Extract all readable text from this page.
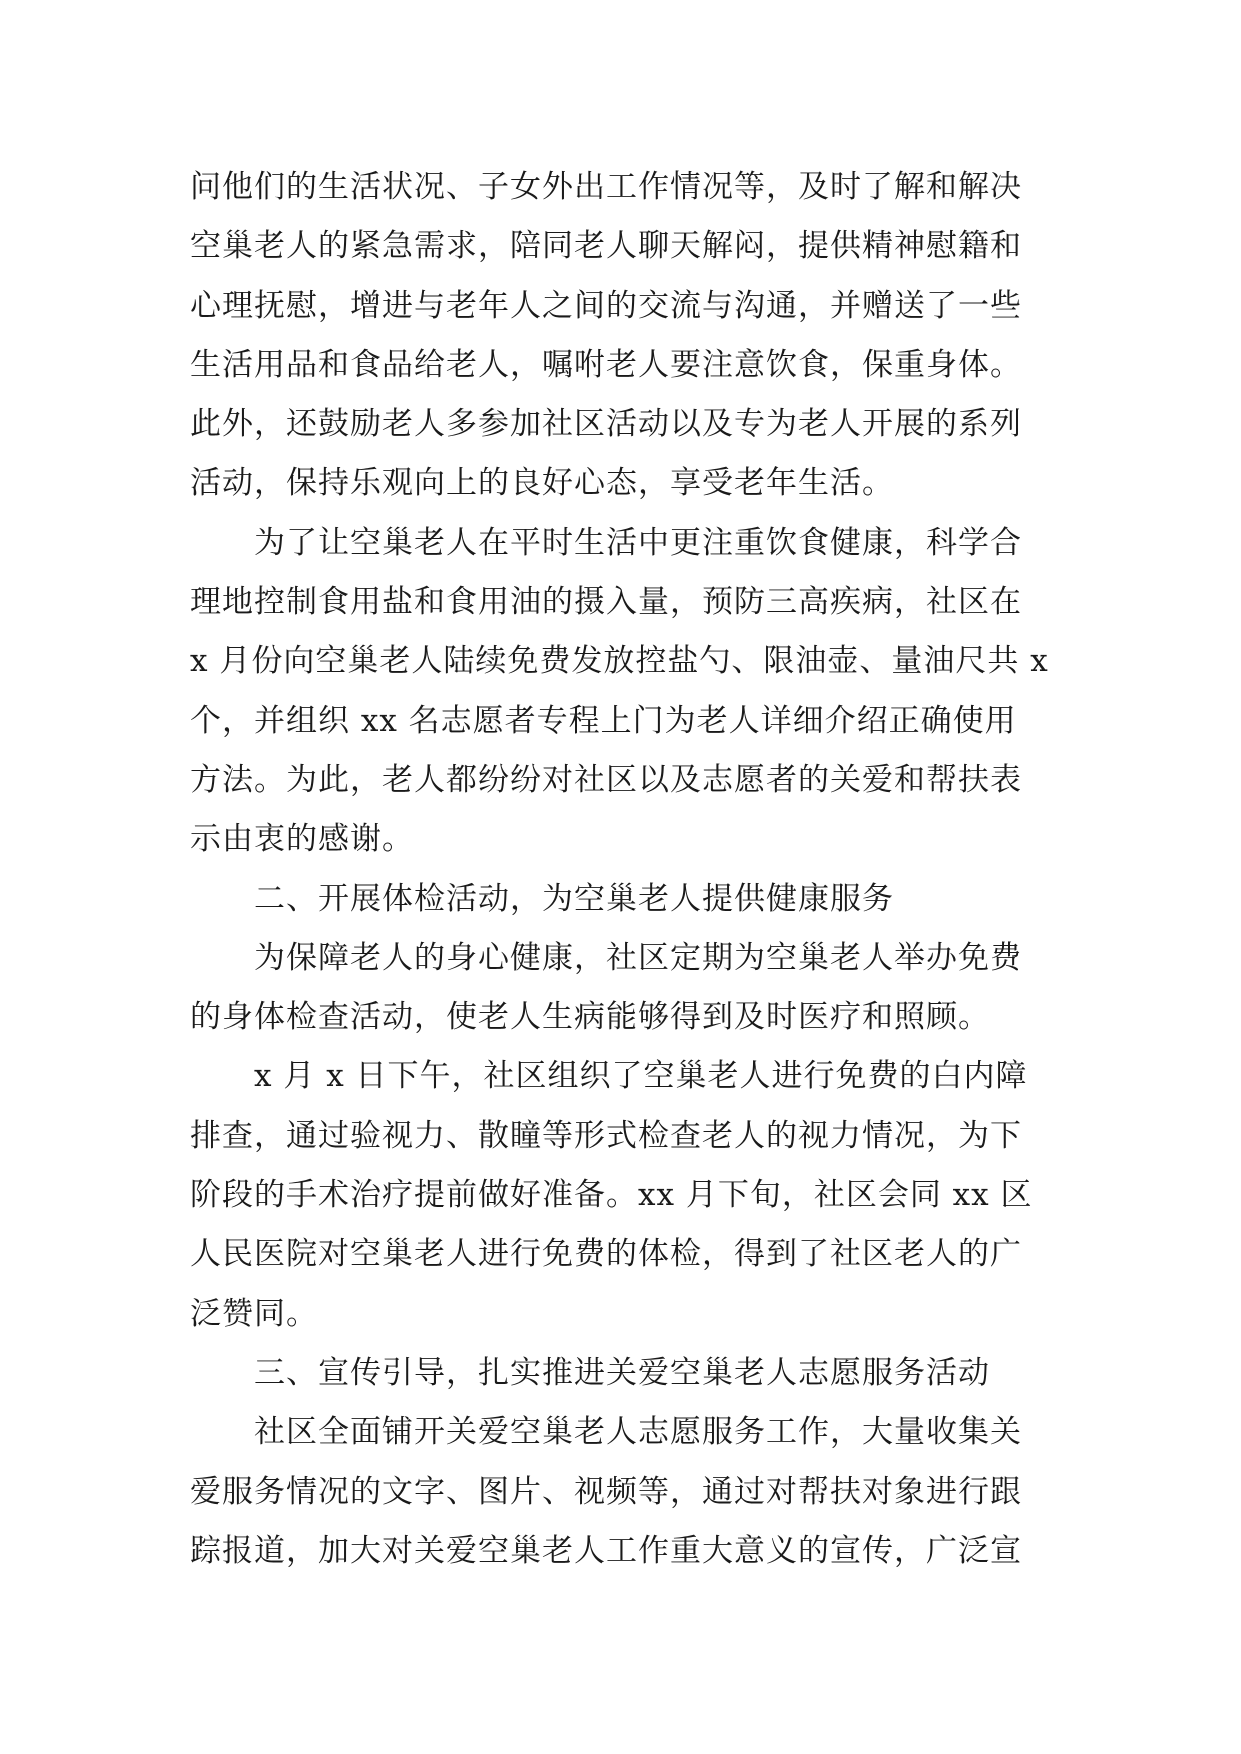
问他们的生活状况、子女外出工作情况等，及时了解和解决
空巢老人的紧急需求，陪同老人聊天解闷，提供精神慰籍和
心理抚慰，增进与老年人之间的交流与沟通，并赠送了一些
生活用品和食品给老人，嘱咐老人要注意饮食，保重身体。
此外，还鼓励老人多参加社区活动以及专为老人开展的系列
活动，保持乐观向上的良好心态，享受老年生活。
为了让空巢老人在平时生活中更注重饮食健康，科学合
理地控制食用盐和食用油的摄入量，预防三高疾病，社区在
x 月份向空巢老人陆续免费发放控盐勺、限油壶、量油尺共 x
个，并组织 xx 名志愿者专程上门为老人详细介绍正确使用
方法。为此，老人都纷纷对社区以及志愿者的关爱和帮扶表
示由衷的感谢。
二、开展体检活动，为空巢老人提供健康服务
为保障老人的身心健康，社区定期为空巢老人举办免费
的身体检查活动，使老人生病能够得到及时医疗和照顾。
x 月 x 日下午，社区组织了空巢老人进行免费的白内障
排查，通过验视力、散瞳等形式检查老人的视力情况，为下
阶段的手术治疗提前做好准备。xx 月下旬，社区会同 xx 区
人民医院对空巢老人进行免费的体检，得到了社区老人的广
泛赞同。
三、宣传引导，扎实推进关爱空巢老人志愿服务活动
社区全面铺开关爱空巢老人志愿服务工作，大量收集关
爱服务情况的文字、图片、视频等，通过对帮扶对象进行跟
踪报道，加大对关爱空巢老人工作重大意义的宣传，广泛宣
